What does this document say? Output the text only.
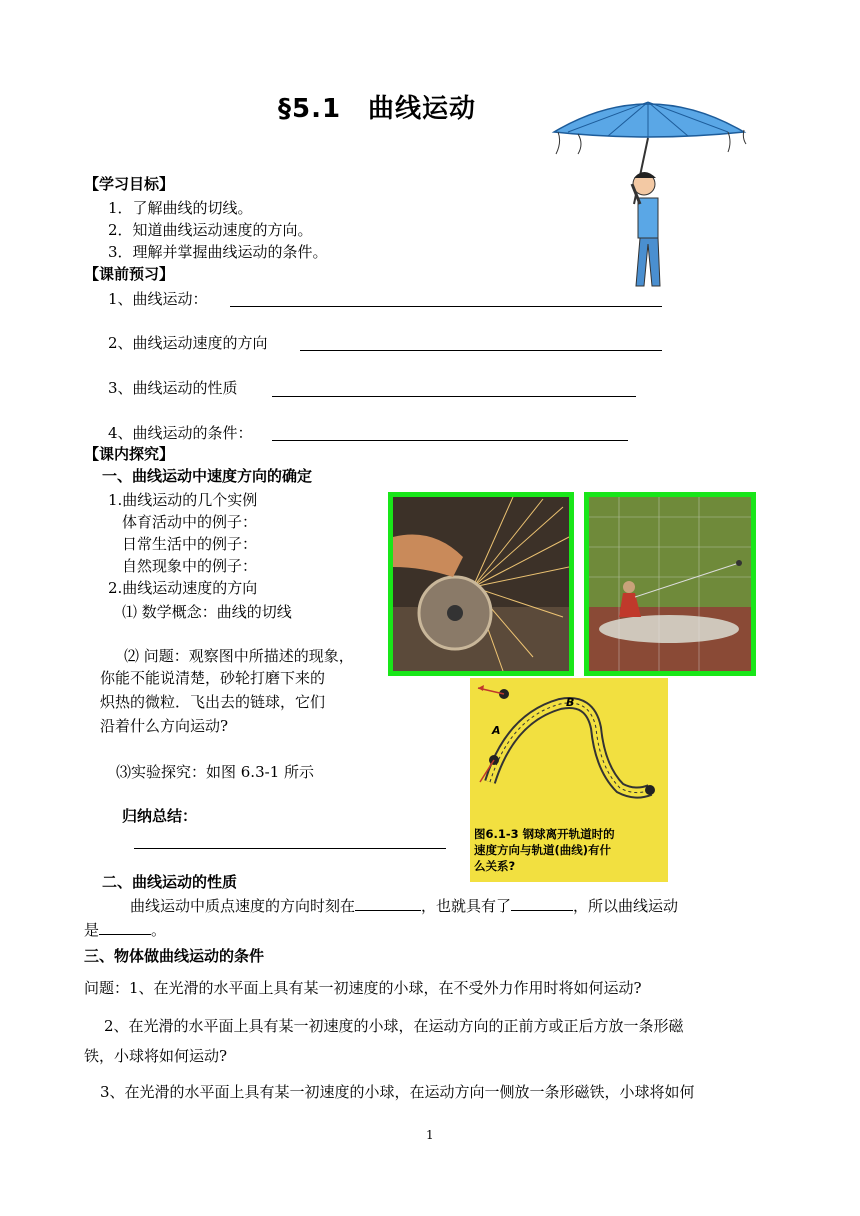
§5.1　曲线运动
【学习目标】
1．了解曲线的切线。
2．知道曲线运动速度的方向。
3．理解并掌握曲线运动的条件。
【课前预习】
1、曲线运动：
2、曲线运动速度的方向
3、曲线运动的性质
4、曲线运动的条件：
【课内探究】
一、曲线运动中速度方向的确定
1.曲线运动的几个实例
体育活动中的例子：
日常生活中的例子：
自然现象中的例子：
2.曲线运动速度的方向
⑴ 数学概念：曲线的切线
⑵ 问题：观察图中所描述的现象，
你能不能说清楚，砂轮打磨下来的
炽热的微粒．飞出去的链球，它们
沿着什么方向运动?
⑶实验探究：如图 6.3-1 所示
归纳总结：
B
A
图6.1-3 钢球离开轨道时的
速度方向与轨道(曲线)有什
么关系?
二、曲线运动的性质
曲线运动中质点速度的方向时刻在	，也就具有了	，所以曲线运动
是	。
三、物体做曲线运动的条件
问题：1、在光滑的水平面上具有某一初速度的小球，在不受外力作用时将如何运动?
2、在光滑的水平面上具有某一初速度的小球，在运动方向的正前方或正后方放一条形磁
铁，小球将如何运动?
3、在光滑的水平面上具有某一初速度的小球，在运动方向一侧放一条形磁铁，小球将如何
1
